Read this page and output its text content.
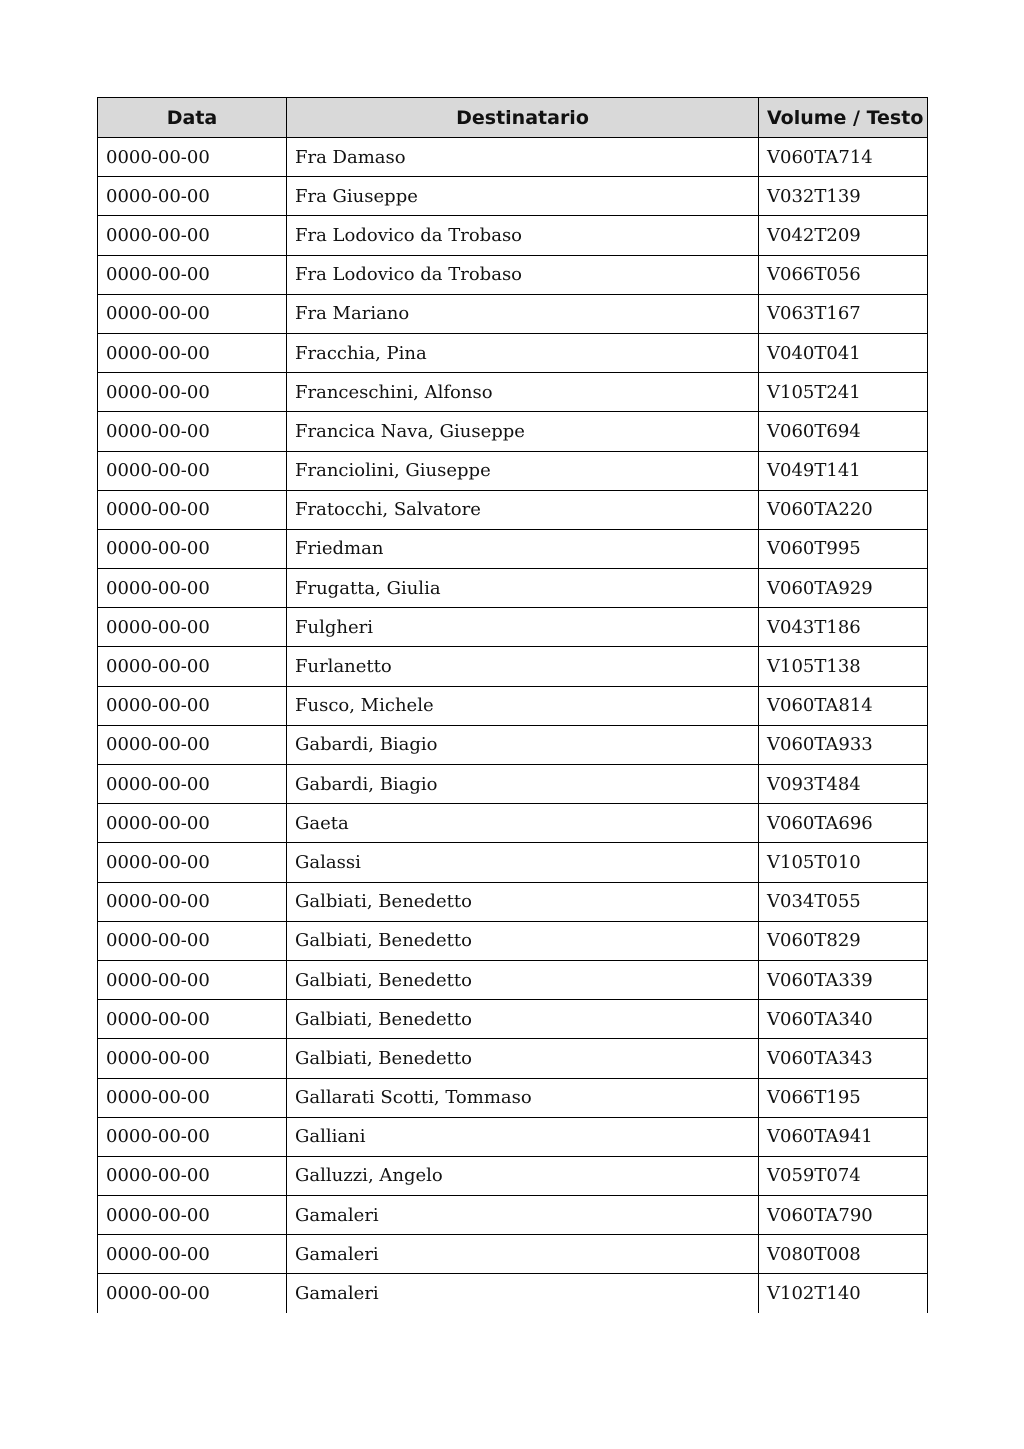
Data	Destinatario	Volume / Testo
0000-00-00	Fra Damaso	V060TA714
0000-00-00	Fra Giuseppe	V032T139
0000-00-00	Fra Lodovico da Trobaso	V042T209
0000-00-00	Fra Lodovico da Trobaso	V066T056
0000-00-00	Fra Mariano	V063T167
0000-00-00	Fracchia, Pina	V040T041
0000-00-00	Franceschini, Alfonso	V105T241
0000-00-00	Francica Nava, Giuseppe	V060T694
0000-00-00	Franciolini, Giuseppe	V049T141
0000-00-00	Fratocchi, Salvatore	V060TA220
0000-00-00	Friedman	V060T995
0000-00-00	Frugatta, Giulia	V060TA929
0000-00-00	Fulgheri	V043T186
0000-00-00	Furlanetto	V105T138
0000-00-00	Fusco, Michele	V060TA814
0000-00-00	Gabardi, Biagio	V060TA933
0000-00-00	Gabardi, Biagio	V093T484
0000-00-00	Gaeta	V060TA696
0000-00-00	Galassi	V105T010
0000-00-00	Galbiati, Benedetto	V034T055
0000-00-00	Galbiati, Benedetto	V060T829
0000-00-00	Galbiati, Benedetto	V060TA339
0000-00-00	Galbiati, Benedetto	V060TA340
0000-00-00	Galbiati, Benedetto	V060TA343
0000-00-00	Gallarati Scotti, Tommaso	V066T195
0000-00-00	Galliani	V060TA941
0000-00-00	Galluzzi, Angelo	V059T074
0000-00-00	Gamaleri	V060TA790
0000-00-00	Gamaleri	V080T008
0000-00-00	Gamaleri	V102T140
